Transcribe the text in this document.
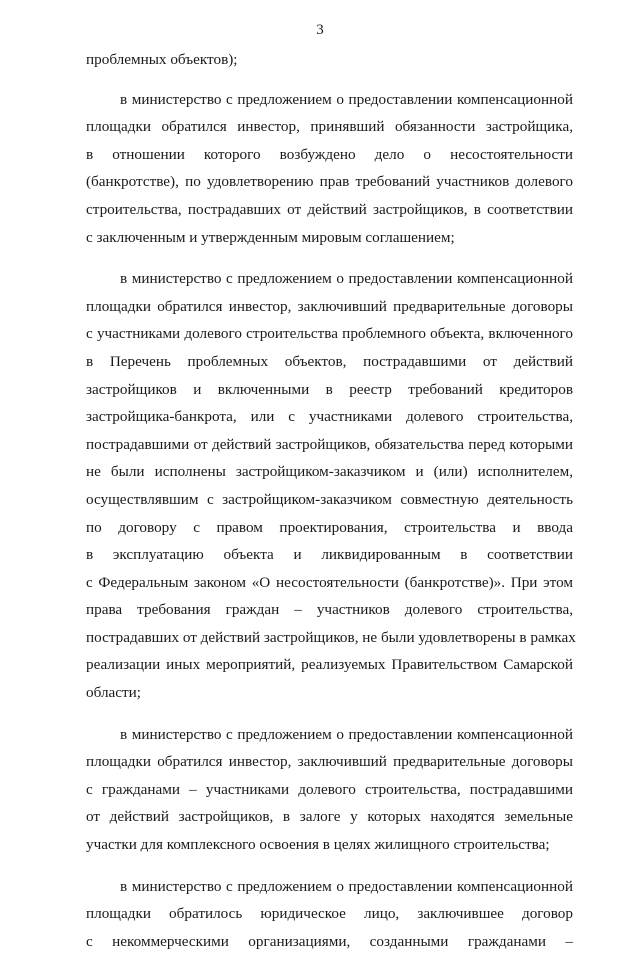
3
проблемных объектов);
в министерство с предложением о предоставлении компенсационной
площадки обратился инвестор, принявший обязанности застройщика,
в отношении которого возбуждено дело о несостоятельности
(банкротстве), по удовлетворению прав требований участников долевого
строительства, пострадавших от действий застройщиков, в соответствии
с заключенным и утвержденным мировым соглашением;
в министерство с предложением о предоставлении компенсационной
площадки обратился инвестор, заключивший предварительные договоры
с участниками долевого строительства проблемного объекта, включенного
в Перечень проблемных объектов, пострадавшими от действий
застройщиков и включенными в реестр требований кредиторов
застройщика-банкрота, или с участниками долевого строительства,
пострадавшими от действий застройщиков, обязательства перед которыми
не были исполнены застройщиком-заказчиком и (или) исполнителем,
осуществлявшим с застройщиком-заказчиком совместную деятельность
по договору с правом проектирования, строительства и ввода
в эксплуатацию объекта и ликвидированным в соответствии
с Федеральным законом «О несостоятельности (банкротстве)». При этом
права требования граждан – участников долевого строительства,
пострадавших от действий застройщиков, не были удовлетворены в рамках
реализации иных мероприятий, реализуемых Правительством Самарской
области;
в министерство с предложением о предоставлении компенсационной
площадки обратился инвестор, заключивший предварительные договоры
с гражданами – участниками долевого строительства, пострадавшими
от действий застройщиков, в залоге у которых находятся земельные
участки для комплексного освоения в целях жилищного строительства;
в министерство с предложением о предоставлении компенсационной
площадки обратилось юридическое лицо, заключившее договор
с некоммерческими организациями, созданными гражданами –
